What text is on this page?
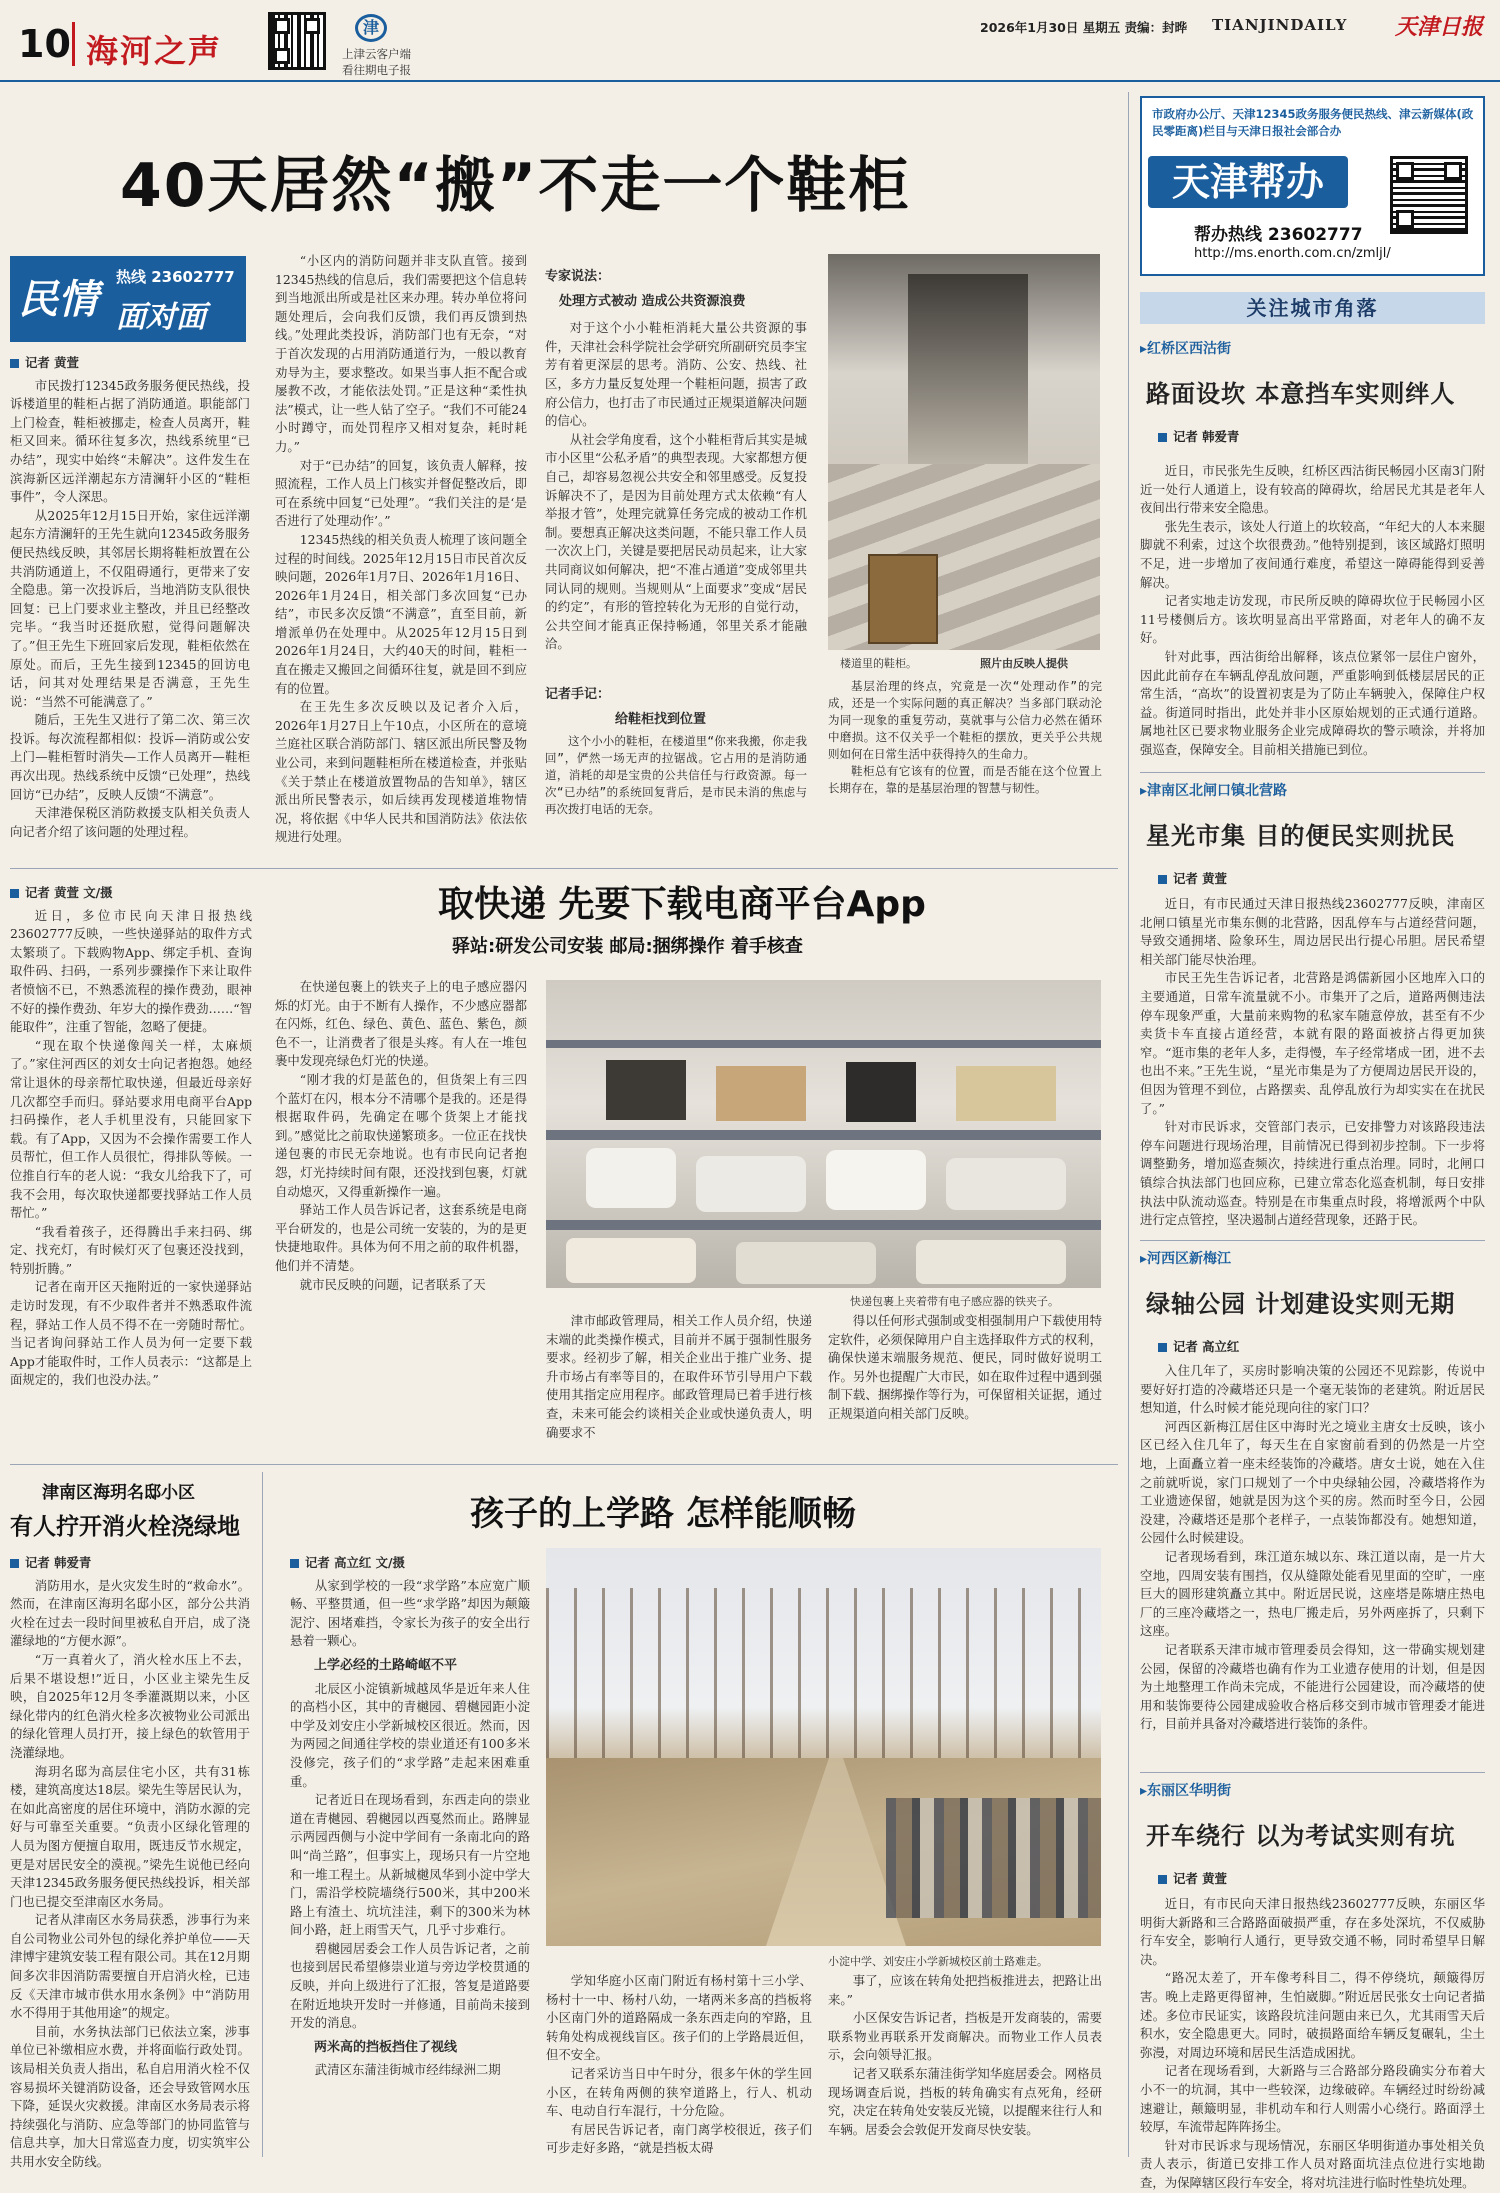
10 海河之声
津
上津云客户端
看往期电子报
2026年1月30日 星期五 责编：封晔 TIANJINDAILY 天津日报
40天居然“搬”不走一个鞋柜
市政府办公厅、天津12345政务服务便民热线、津云新媒体(政民零距离)栏目与天津日报社会部合办
天津帮办
帮办热线 23602777
http://ms.enorth.com.cn/zmljl/
关注城市角落
▸红桥区西沽街
路面设坎 本意挡车实则绊人
记者 韩爱青

近日，市民张先生反映，红桥区西沽街民畅园小区南3门附近一处行人通道上，设有较高的障碍坎，给居民尤其是老年人夜间出行带来安全隐患。

张先生表示，该处人行道上的坎较高，“年纪大的人本来腿脚就不利索，过这个坎很费劲。”他特别提到，该区域路灯照明不足，进一步增加了夜间通行难度，希望这一障碍能得到妥善解决。

记者实地走访发现，市民所反映的障碍坎位于民畅园小区11号楼侧后方。该坎明显高出平常路面，对老年人的确不友好。

针对此事，西沽街给出解释，该点位紧邻一层住户窗外，因此此前存在车辆乱停乱放问题，严重影响到低楼层居民的正常生活，“高坎”的设置初衷是为了防止车辆驶入，保障住户权益。街道同时指出，此处并非小区原始规划的正式通行道路。属地社区已要求物业服务企业完成障碍坎的警示喷涂，并将加强巡查，保障安全。目前相关措施已到位。

▸津南区北闸口镇北营路
星光市集 目的便民实则扰民
记者 黄萱

近日，有市民通过天津日报热线23602777反映，津南区北闸口镇星光市集东侧的北营路，因乱停车与占道经营问题，导致交通拥堵、险象环生，周边居民出行提心吊胆。居民希望相关部门能尽快治理。

市民王先生告诉记者，北营路是鸿儒新园小区地库入口的主要通道，日常车流量就不小。市集开了之后，道路两侧违法停车现象严重，大量前来购物的私家车随意停放，甚至有不少卖货卡车直接占道经营，本就有限的路面被挤占得更加狭窄。“逛市集的老年人多，走得慢，车子经常堵成一团，进不去也出不来。”王先生说，“星光市集是为了方便周边居民开设的，但因为管理不到位，占路摆卖、乱停乱放行为却实实在在扰民了。”

针对市民诉求，交管部门表示，已安排警力对该路段违法停车问题进行现场治理，目前情况已得到初步控制。下一步将调整勤务，增加巡查频次，持续进行重点治理。同时，北闸口镇综合执法部门也回应称，已建立常态化巡查机制，每日安排执法中队流动巡查。特别是在市集重点时段，将增派两个中队进行定点管控，坚决遏制占道经营现象，还路于民。

▸河西区新梅江
绿轴公园 计划建设实则无期
记者 高立红

入住几年了，买房时影响决策的公园还不见踪影，传说中要好好打造的冷藏塔还只是一个毫无装饰的老建筑。附近居民想知道，什么时候才能兑现向往的家门口？

河西区新梅江居住区中海时光之境业主唐女士反映，该小区已经入住几年了，每天生在自家窗前看到的仍然是一片空地，上面矗立着一座未经装饰的冷藏塔。唐女士说，她在入住之前就听说，家门口规划了一个中央绿轴公园，冷藏塔将作为工业遗迹保留，她就是因为这个买的房。然而时至今日，公园没建，冷藏塔还是那个老样子，一点装饰都没有。她想知道，公园什么时候建设。

记者现场看到，珠江道东城以东、珠江道以南，是一片大空地，四周安装有围挡，仅从缝隙处能看见里面的空旷，一座巨大的圆形建筑矗立其中。附近居民说，这座塔是陈塘庄热电厂的三座冷藏塔之一，热电厂搬走后，另外两座拆了，只剩下这座。

记者联系天津市城市管理委员会得知，这一带确实规划建公园，保留的冷藏塔也确有作为工业遗存使用的计划，但是因为土地整理工作尚未完成，不能进行公园建设，而冷藏塔的使用和装饰要待公园建成验收合格后移交到市城市管理委才能进行，目前并具备对冷藏塔进行装饰的条件。

▸东丽区华明街
开车绕行 以为考试实则有坑
记者 黄萱

近日，有市民向天津日报热线23602777反映，东丽区华明街大新路和三合路路面破损严重，存在多处深坑，不仅威胁行车安全，影响行人通行，更导致交通不畅，同时希望早日解决。

“路况太差了，开车像考科目二，得不停绕坑，颠簸得厉害。晚上走路更得留神，生怕崴脚。”附近居民张女士向记者描述。多位市民证实，该路段坑洼问题由来已久，尤其雨雪天后积水，安全隐患更大。同时，破损路面给车辆反复碾轧，尘土弥漫，对周边环境和居民生活造成困扰。

记者在现场看到，大新路与三合路部分路段确实分布着大小不一的坑洞，其中一些较深，边缘破碎。车辆经过时纷纷减速避让，颠簸明显，非机动车和行人则需小心绕行。路面浮土较厚，车流带起阵阵扬尘。

针对市民诉求与现场情况，东丽区华明街道办事处相关负责人表示，街道已安排工作人员对路面坑洼点位进行实地勘查，为保障辖区段行车安全，将对坑洼进行临时性垫坑处理。

民情 热线 23602777
面对面
记者 黄萱

市民拨打12345政务服务便民热线，投诉楼道里的鞋柜占据了消防通道。职能部门上门检查，鞋柜被挪走，检查人员离开，鞋柜又回来。循环往复多次，热线系统里“已办结”，现实中始终“未解决”。这件发生在滨海新区远洋潮起东方清澜轩小区的“鞋柜事件”，令人深思。

从2025年12月15日开始，家住远洋潮起东方清澜轩的王先生就向12345政务服务便民热线反映，其邻居长期将鞋柜放置在公共消防通道上，不仅阻碍通行，更带来了安全隐患。第一次投诉后，当地消防支队很快回复：已上门要求业主整改，并且已经整改完毕。“我当时还挺欣慰，觉得问题解决了。”但王先生下班回家后发现，鞋柜依然在原处。而后，王先生接到12345的回访电话，问其对处理结果是否满意，王先生说：“当然不可能满意了。”

随后，王先生又进行了第二次、第三次投诉。每次流程都相似：投诉—消防或公安上门—鞋柜暂时消失—工作人员离开—鞋柜再次出现。热线系统中反馈“已处理”，热线回访“已办结”，反映人反馈“不满意”。

天津港保税区消防救援支队相关负责人向记者介绍了该问题的处理过程。

“小区内的消防问题并非支队直管。接到12345热线的信息后，我们需要把这个信息转到当地派出所或是社区来办理。转办单位将问题处理后，会向我们反馈，我们再反馈到热线。”处理此类投诉，消防部门也有无奈，“对于首次发现的占用消防通道行为，一般以教育劝导为主，要求整改。如果当事人拒不配合或屡教不改，才能依法处罚。”正是这种“柔性执法”模式，让一些人钻了空子。“我们不可能24小时蹲守，而处罚程序又相对复杂，耗时耗力。”

对于“已办结”的回复，该负责人解释，按照流程，工作人员上门核实并督促整改后，即可在系统中回复“已处理”。“我们关注的是‘是否进行了处理动作’。”

12345热线的相关负责人梳理了该问题全过程的时间线。2025年12月15日市民首次反映问题，2026年1月7日、2026年1月16日、2026年1月24日，相关部门多次回复“已办结”，市民多次反馈“不满意”，直至目前，新增派单仍在处理中。从2025年12月15日到2026年1月24日，大约40天的时间，鞋柜一直在搬走又搬回之间循环往复，就是回不到应有的位置。

在王先生多次反映以及记者介入后，2026年1月27日上午10点，小区所在的意境兰庭社区联合消防部门、辖区派出所民警及物业公司，来到问题鞋柜所在楼道检查，并张贴《关于禁止在楼道放置物品的告知单》，辖区派出所民警表示，如后续再发现楼道堆物情况，将依据《中华人民共和国消防法》依法依规进行处理。

专家说法：
处理方式被动 造成公共资源浪费

对于这个小小鞋柜消耗大量公共资源的事件，天津社会科学院社会学研究所副研究员李宝芳有着更深层的思考。消防、公安、热线、社区，多方力量反复处理一个鞋柜问题，损害了政府公信力，也打击了市民通过正规渠道解决问题的信心。

从社会学角度看，这个小鞋柜背后其实是城市小区里“公私矛盾”的典型表现。大家都想方便自己，却容易忽视公共安全和邻里感受。反复投诉解决不了，是因为目前处理方式太依赖“有人举报才管”，处理完就算任务完成的被动工作机制。要想真正解决这类问题，不能只靠工作人员一次次上门，关键是要把居民动员起来，让大家共同商议如何解决，把“不准占通道”变成邻里共同认同的规则。当规则从“上面要求”变成“居民的约定”，有形的管控转化为无形的自觉行动，公共空间才能真正保持畅通，邻里关系才能融洽。

记者手记：
给鞋柜找到位置

这个小小的鞋柜，在楼道里“你来我搬，你走我回”，俨然一场无声的拉锯战。它占用的是消防通道，消耗的却是宝贵的公共信任与行政资源。每一次“已办结”的系统回复背后，是市民未消的焦虑与再次拨打电话的无奈。

楼道里的鞋柜。	照片由反映人提供

基层治理的终点，究竟是一次“处理动作”的完成，还是一个实际问题的真正解决？当多部门联动沦为同一现象的重复劳动，莫就事与公信力必然在循环中磨损。这不仅关乎一个鞋柜的摆放，更关乎公共规则如何在日常生活中获得持久的生命力。

鞋柜总有它该有的位置，而是否能在这个位置上长期存在，靠的是基层治理的智慧与韧性。

记者 黄萱 文/摄

近日，多位市民向天津日报热线23602777反映，一些快递驿站的取件方式太繁琐了。下载购物App、绑定手机、查询取件码、扫码，一系列步骤操作下来让取件者愤恼不已，不熟悉流程的操作费劲，眼神不好的操作费劲、年岁大的操作费劲……“智能取件”，注重了智能，忽略了便捷。

“现在取个快递像闯关一样，太麻烦了。”家住河西区的刘女士向记者抱怨。她经常让退休的母亲帮忙取快递，但最近母亲好几次都空手而归。驿站要求用电商平台App扫码操作，老人手机里没有，只能回家下载。有了App，又因为不会操作需要工作人员帮忙，但工作人员很忙，得排队等候。一位推自行车的老人说：“我女儿给我下了，可我不会用，每次取快递都要找驿站工作人员帮忙。”

“我看着孩子，还得腾出手来扫码、绑定、找充灯，有时候灯灭了包裹还没找到，特别折腾。”

记者在南开区天拖附近的一家快递驿站走访时发现，有不少取件者并不熟悉取件流程，驿站工作人员不得不在一旁随时帮忙。当记者询问驿站工作人员为何一定要下载App才能取件时，工作人员表示：“这都是上面规定的，我们也没办法。”

取快递 先要下载电商平台App
驿站:研发公司安装 邮局:捆绑操作 着手核查

在快递包裹上的铁夹子上的电子感应器闪烁的灯光。由于不断有人操作，不少感应器都在闪烁，红色、绿色、黄色、蓝色、紫色，颜色不一，让消费者了很是头疼。有人在一堆包裹中发现亮绿色灯光的快递。

“刚才我的灯是蓝色的，但货架上有三四个蓝灯在闪，根本分不清哪个是我的。还是得根据取件码，先确定在哪个货架上才能找到。”感觉比之前取快递繁琐多。一位正在找快递包裹的市民无奈地说。也有市民向记者抱怨，灯光持续时间有限，还没找到包裹，灯就自动熄灭，又得重新操作一遍。

驿站工作人员告诉记者，这套系统是电商平台研发的，也是公司统一安装的，为的是更快捷地取件。具体为何不用之前的取件机器，他们并不清楚。

就市民反映的问题，记者联系了天

快递包裹上夹着带有电子感应器的铁夹子。

津市邮政管理局，相关工作人员介绍，快递末端的此类操作模式，目前并不属于强制性服务要求。经初步了解，相关企业出于推广业务、提升市场占有率等目的，在取件环节引导用户下载使用其指定应用程序。邮政管理局已着手进行核查，未来可能会约谈相关企业或快递负责人，明确要求不

得以任何形式强制或变相强制用户下载使用特定软件，必须保障用户自主选择取件方式的权利，确保快递末端服务规范、便民，同时做好说明工作。另外也提醒广大市民，如在取件过程中遇到强制下载、捆绑操作等行为，可保留相关证据，通过正规渠道向相关部门反映。

津南区海玥名邸小区
有人拧开消火栓浇绿地
记者 韩爱青

消防用水，是火灾发生时的“救命水”。然而，在津南区海玥名邸小区，部分公共消火栓在过去一段时间里被私自开启，成了浇灌绿地的“方便水源”。

“万一真着火了，消火栓水压上不去，后果不堪设想!”近日，小区业主梁先生反映，自2025年12月冬季灌溉期以来，小区绿化带内的红色消火栓多次被物业公司派出的绿化管理人员打开，接上绿色的软管用于浇灌绿地。

海玥名邸为高层住宅小区，共有31栋楼，建筑高度达18层。梁先生等居民认为，在如此高密度的居住环境中，消防水源的完好与可靠至关重要。“负责小区绿化管理的人员为图方便擅自取用，既违反节水规定，更是对居民安全的漠视。”梁先生说他已经向天津12345政务服务便民热线投诉，相关部门也已提交至津南区水务局。

记者从津南区水务局获悉，涉事行为来自公司物业公司外包的绿化养护单位——天津博宇建筑安装工程有限公司。其在12月期间多次非因消防需要擅自开启消火栓，已违反《天津市城市供水用水条例》中“消防用水不得用于其他用途”的规定。

目前，水务执法部门已依法立案，涉事单位已补缴相应水费，并将面临行政处罚。该局相关负责人指出，私自启用消火栓不仅容易损坏关键消防设备，还会导致管网水压下降，延误火灾救援。津南区水务局表示将持续强化与消防、应急等部门的协同监管与信息共享，加大日常巡查力度，切实筑牢公共用水安全防线。

孩子的上学路 怎样能顺畅
记者 高立红 文/摄

从家到学校的一段“求学路”本应宽广顺畅、平整贯通，但一些“求学路”却因为颠簸泥泞、困堵难挡，令家长为孩子的安全出行悬着一颗心。

上学必经的土路崎岖不平

北辰区小淀镇新城越凤华是近年来人住的高档小区，其中的青樾园、碧樾园距小淀中学及刘安庄小学新城校区很近。然而，因为两园之间通往学校的崇业道还有100多米没修完，孩子们的“求学路”走起来困难重重。

记者近日在现场看到，东西走向的崇业道在青樾园、碧樾园以西戛然而止。路牌显示两园西侧与小淀中学间有一条南北向的路叫“尚兰路”，但事实上，现场只有一片空地和一堆工程土。从新城樾凤华到小淀中学大门，需沿学校院墙绕行500米，其中200米路上有渣土、坑坑洼洼，剩下的300米为林间小路，赶上雨雪天气，几乎寸步难行。

碧樾园居委会工作人员告诉记者，之前也接到居民希望修崇业道与旁边学校贯通的反映，并向上级进行了汇报，答复是道路要在附近地块开发时一并修通，目前尚未接到开发的消息。

两米高的挡板挡住了视线

武清区东蒲洼街城市经纬绿洲二期

小淀中学、刘安庄小学新城校区前土路难走。

学知华庭小区南门附近有杨村第十三小学、杨村十一中、杨村八幼，一堵两米多高的挡板将小区南门外的道路隔成一条东西走向的窄路，且转角处构成视线盲区。孩子们的上学路晨近但，但不安全。

记者采访当日中午时分，很多午休的学生回小区，在转角两侧的狭窄道路上，行人、机动车、电动自行车混行，十分危险。

有居民告诉记者，南门离学校很近，孩子们可步走好多路，“就是挡板太碍

事了，应该在转角处把挡板推进去，把路让出来。”

小区保安告诉记者，挡板是开发商装的，需要联系物业再联系开发商解决。而物业工作人员表示，会向领导汇报。

记者又联系东蒲洼街学知华庭居委会。网格员现场调查后说，挡板的转角确实有点死角，经研究，决定在转角处安装反光镜，以提醒来往行人和车辆。居委会会敦促开发商尽快安装。
